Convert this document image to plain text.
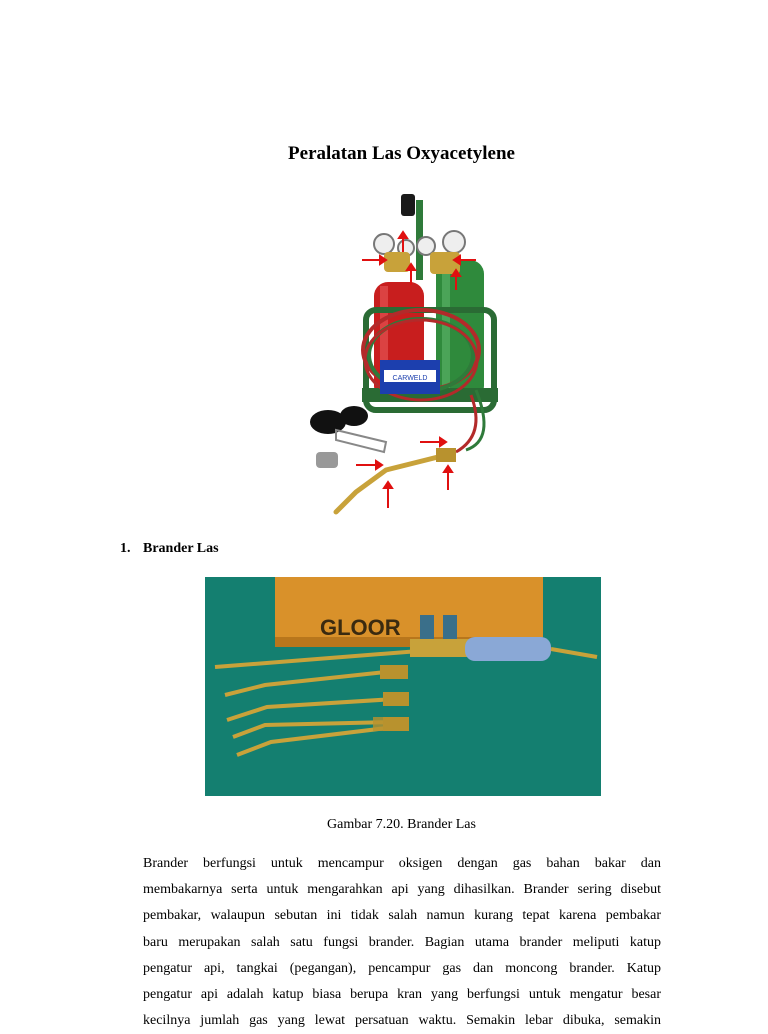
Peralatan Las Oxyacetylene
CARWELD
1. Brander Las
GLOOR
Gambar 7.20. Brander Las
Brander berfungsi untuk mencampur oksigen dengan gas bahan bakar dan
membakarnya serta untuk mengarahkan api yang dihasilkan. Brander sering disebut
pembakar, walaupun sebutan ini tidak salah namun kurang tepat karena pembakar
baru merupakan salah satu fungsi brander. Bagian utama brander meliputi katup
pengatur api, tangkai (pegangan), pencampur gas dan moncong brander. Katup
pengatur api adalah katup biasa berupa kran yang berfungsi untuk mengatur besar
kecilnya jumlah gas yang lewat persatuan waktu. Semakin lebar dibuka, semakin
